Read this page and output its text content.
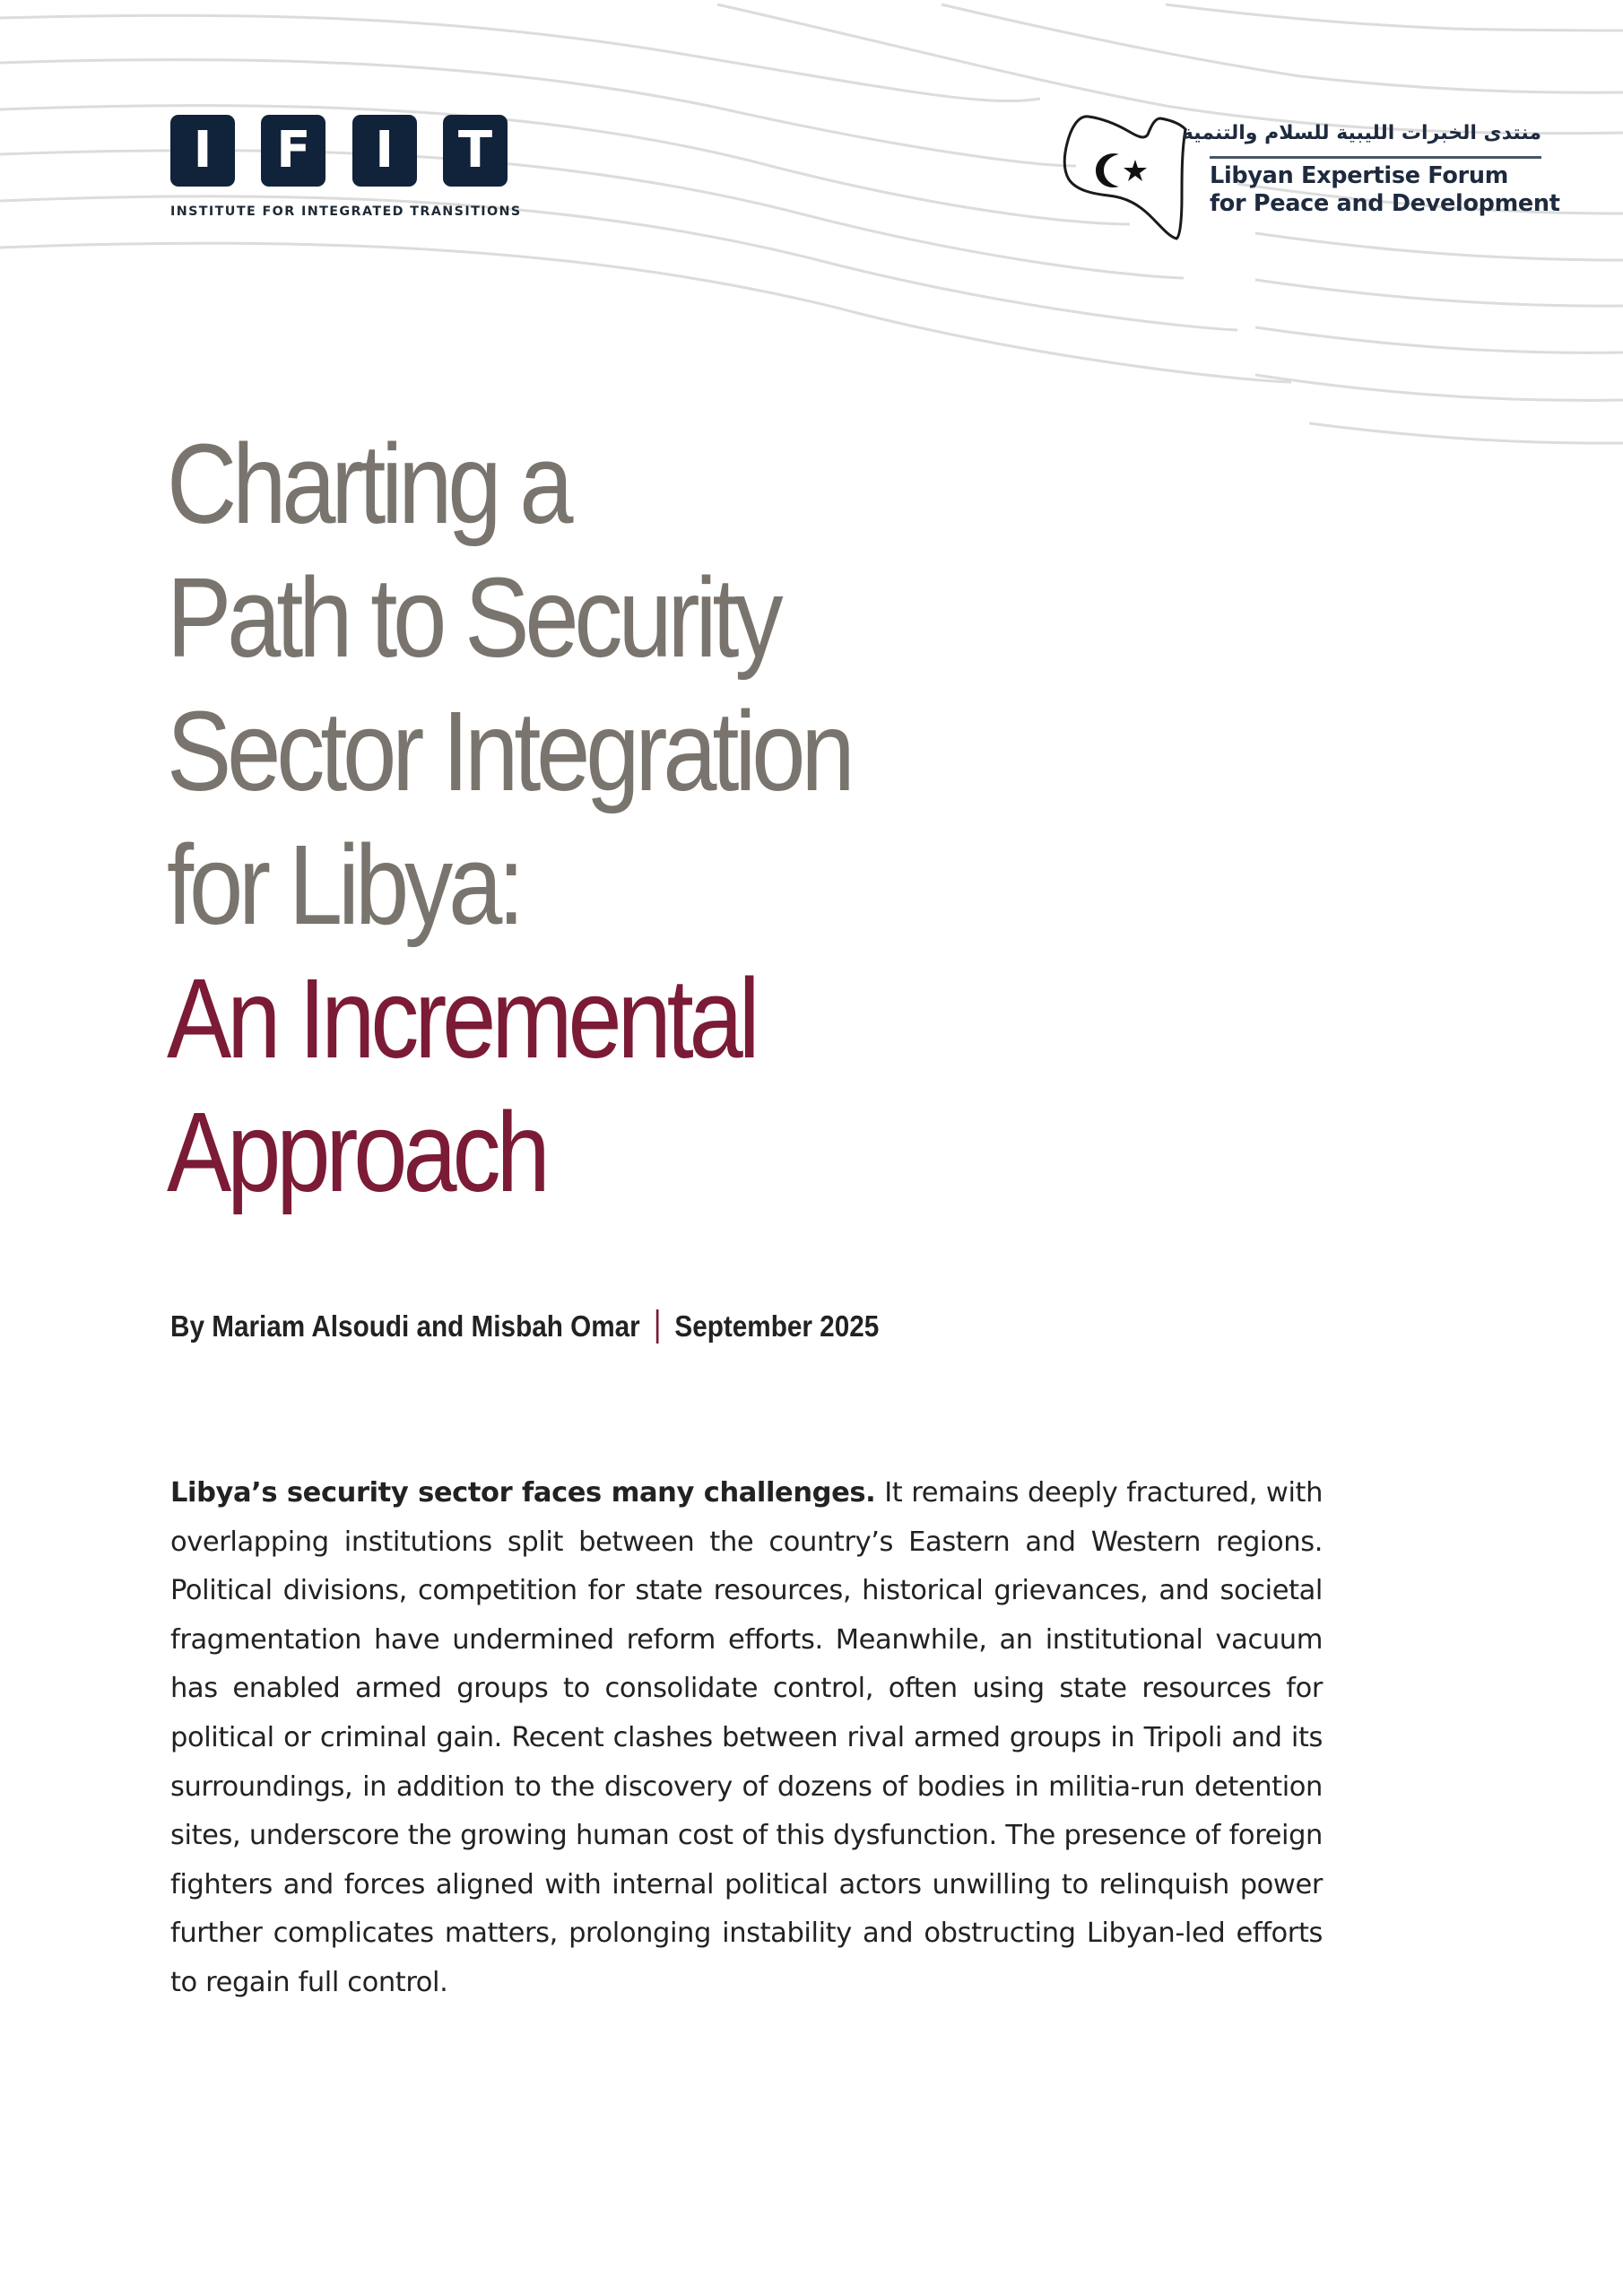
I	F	I	T
INSTITUTE FOR INTEGRATED TRANSITIONS
منتدى الخبرات الليبية للسلام والتنمية
Libyan Expertise Forum
for Peace and Development
Charting a
Path to Security
Sector Integration
for Libya:
An Incremental
Approach
By Mariam Alsoudi and Misbah Omar September 2025

Libya’s security sector faces many challenges. It remains deeply fractured, with overlapping institutions split between the country’s Eastern and Western regions. Political divisions, competition for state resources, historical grievances, and societal fragmentation have undermined reform efforts. Meanwhile, an institutional vacuum has enabled armed groups to consolidate control, often using state resources for political or criminal gain. Recent clashes between rival armed groups in Tripoli and its surroundings, in addition to the discovery of dozens of bodies in militia-run detention sites, underscore the growing human cost of this dysfunction. The presence of foreign fighters and forces aligned with internal political actors unwilling to relinquish power further complicates matters, prolonging instability and obstructing Libyan-led efforts to regain full control.
